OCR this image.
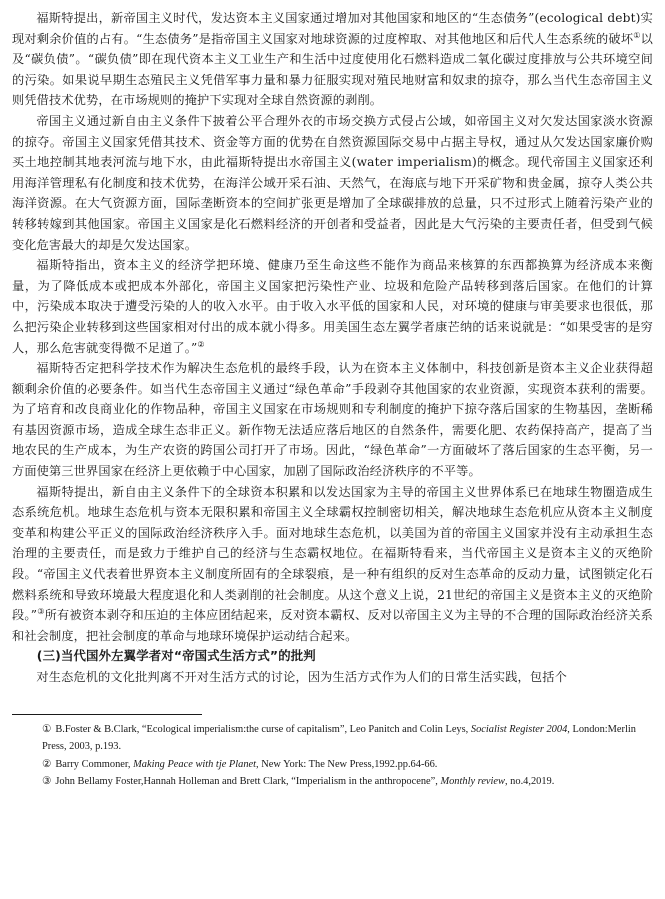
福斯特提出，新帝国主义时代，发达资本主义国家通过增加对其他国家和地区的“生态债务”(ecological debt)实现对剩余价值的占有。“生态债务”是指帝国主义国家对地球资源的过度榨取、对其他地区和后代人生态系统的破坏①以及“碳负债”。“碳负债”即在现代资本主义工业生产和生活中过度使用化石燃料造成二氧化碳过度排放与公共环境空间的污染。如果说早期生态殖民主义凭借军事力量和暴力征服实现对殖民地财富和奴隶的掠夺，那么当代生态帝国主义则凭借技术优势，在市场规则的掩护下实现对全球自然资源的剥削。

帝国主义通过新自由主义条件下披着公平合理外衣的市场交换方式侵占公域，如帝国主义对欠发达国家淡水资源的掠夺。帝国主义国家凭借其技术、资金等方面的优势在自然资源国际交易中占据主导权，通过从欠发达国家廉价购买土地控制其地表河流与地下水，由此福斯特提出水帝国主义(water imperialism)的概念。现代帝国主义国家还利用海洋管理私有化制度和技术优势，在海洋公域开采石油、天然气，在海底与地下开采矿物和贵金属，掠夺人类公共海洋资源。在大气资源方面，国际垄断资本的空间扩张更是增加了全球碳排放的总量，只不过形式上随着污染产业的转移转嫁到其他国家。帝国主义国家是化石燃料经济的开创者和受益者，因此是大气污染的主要责任者，但受到气候变化危害最大的却是欠发达国家。

福斯特指出，资本主义的经济学把环境、健康乃至生命这些不能作为商品来核算的东西都换算为经济成本来衡量，为了降低成本或把成本外部化，帝国主义国家把污染性产业、垃圾和危险产品转移到落后国家。在他们的计算中，污染成本取决于遭受污染的人的收入水平。由于收入水平低的国家和人民，对环境的健康与审美要求也很低，那么把污染企业转移到这些国家相对付出的成本就小得多。用美国生态左翼学者康芒纳的话来说就是：“如果受害的是穷人，那么危害就变得微不足道了。”②

福斯特否定把科学技术作为解决生态危机的最终手段，认为在资本主义体制中，科技创新是资本主义企业获得超额剩余价值的必要条件。如当代生态帝国主义通过“绿色革命”手段剥夺其他国家的农业资源，实现资本获利的需要。为了培育和改良商业化的作物品种，帝国主义国家在市场规则和专利制度的掩护下掠夺落后国家的生物基因，垄断稀有基因资源市场，造成全球生态非正义。新作物无法适应落后地区的自然条件，需要化肥、农药保持高产，提高了当地农民的生产成本，为生产农资的跨国公司打开了市场。因此，“绿色革命”一方面破坏了落后国家的生态平衡，另一方面使第三世界国家在经济上更依赖于中心国家，加剧了国际政治经济秩序的不平等。

福斯特提出，新自由主义条件下的全球资本积累和以发达国家为主导的帝国主义世界体系已在地球生物圈造成生态系统危机。地球生态危机与资本无限积累和帝国主义全球霸权控制密切相关，解决地球生态危机应从资本主义制度变革和构建公平正义的国际政治经济秩序入手。面对地球生态危机，以美国为首的帝国主义国家并没有主动承担生态治理的主要责任，而是致力于维护自己的经济与生态霸权地位。在福斯特看来，当代帝国主义是资本主义的灭绝阶段。“帝国主义代表着世界资本主义制度所固有的全球裂痕，是一种有组织的反对生态革命的反动力量，试图锁定化石燃料系统和导致环境最大程度退化和人类剥削的社会制度。从这个意义上说，21世纪的帝国主义是资本主义的灭绝阶段。”③所有被资本剥夺和压迫的主体应团结起来，反对资本霸权、反对以帝国主义为主导的不合理的国际政治经济关系和社会制度，把社会制度的革命与地球环境保护运动结合起来。

(三)当代国外左翼学者对“帝国式生活方式”的批判

对生态危机的文化批判离不开对生活方式的讨论，因为生活方式作为人们的日常生活实践，包括个

① B.Foster & B.Clark, “Ecological imperialism:the curse of capitalism”, Leo Panitch and Colin Leys, Socialist Register 2004, London:Merlin Press, 2003, p.193.

② Barry Commoner, Making Peace with tje Planet, New York: The New Press,1992.pp.64-66.

③ John Bellamy Foster,Hannah Holleman and Brett Clark, “Imperialism in the anthropocene”, Monthly review, no.4,2019.
